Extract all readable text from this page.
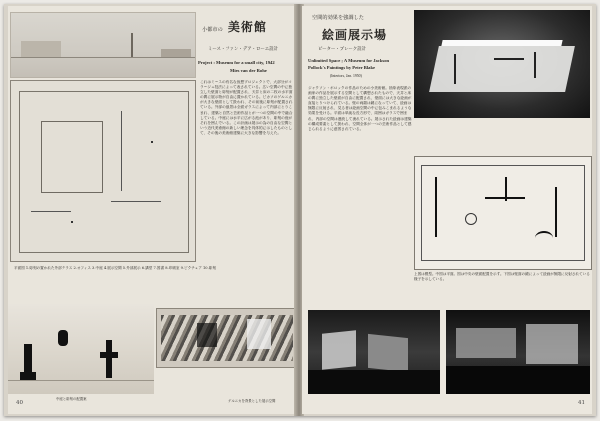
小都市の 美術館
ミース・ファン・デア・ローエ設計
Project : Museum for a small city, 1942
Mies van der Rohe
これはミースの有名な仮想プロジェクトで、大部分がコラージュ技法によって表されている。広い空間の中に独立した壁面と彫刻が配置され、天井と床の二枚の水平面の間に展示物が自由に置かれている。ピカソのゲルニカが大きな壁面として扱われ、その前後に彫刻が配置されている。外部の風景は全面ガラスによって内部にとりこまれ、建築と自然と芸術作品とが一つの空間の中で融合している。中庭には水平に広がる池があり、彫刻の庭がそれを囲んでいる。この計画は展示の為の自由な空間という近代美術館の新しい理念を具体的に示したものとして、その後の美術館建築に大きな影響を与えた。
平面図 1.彫刻の置かれた外部テラス 2.オフィス 3.中庭 4.展示空間 5.外部展示 6.講堂 7.図書 8.印刷室 9.ピクチュア 10.彫刻
中庭と彫刻の配置案	ゲルニカを背景とした展示空間
40
空間的効果を強調した
絵画展示場
ピーター・ブレーク設計
Unlimited Space ; A Museum for Jackson
Pollock's Paintings by Peter Blake
(Interiors, Jan. 1950)
ジャクソン・ポロックの作品のための小美術館。抽象表現派の画家の作品を展示する空間として構想されたもので、天井と床の間に独立した壁面が自由に配置され、壁面には大きな絵画が直接とりつけられている。壁の両端は鏡になっていて、絵画は無限に反射され、見る者は絵画空間の中に包みこまれるような効果を受ける。平面は単純な長方形で、周囲はガラスで囲まれ、内部の空間は連続して流れている。展示された絵画は建築の構成要素として扱われ、空間全体が一つの芸術作品として感じられるように意図されている。
上図は模型。中図は平面。図は中央の壁面配置を示す。下図は壁面の鏡によって絵画が無限に反射されている様子を示している。
41
